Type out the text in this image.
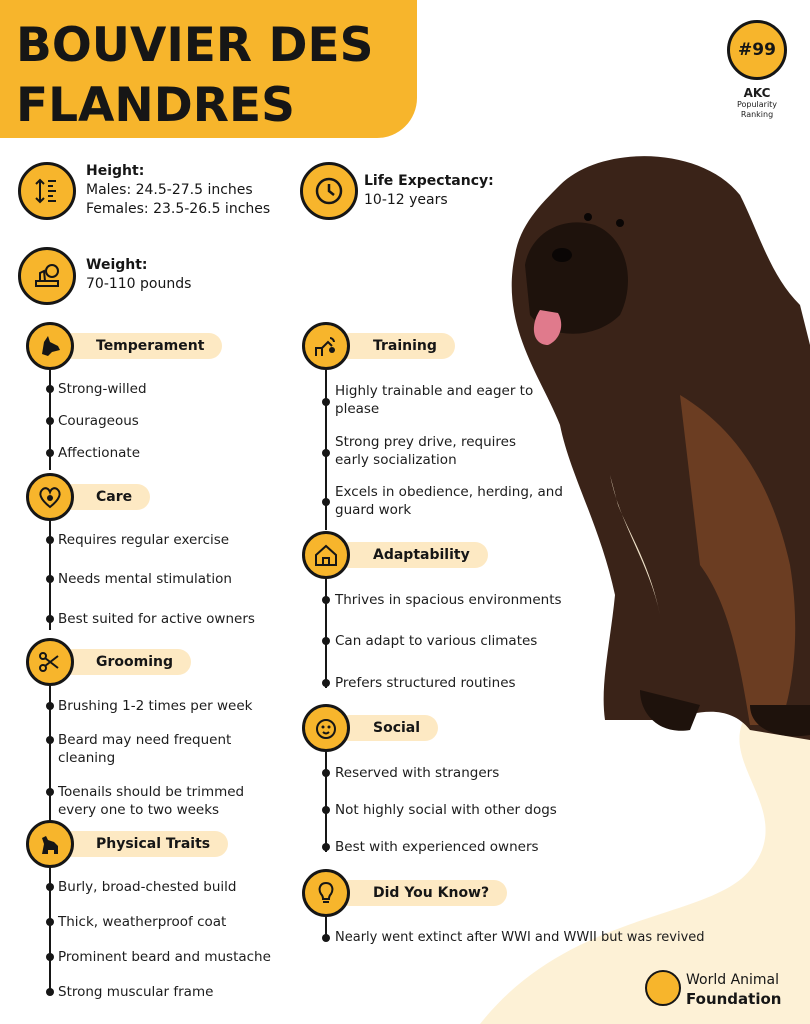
BOUVIER DES
FLANDRES
#99
AKC
Popularity
Ranking
Height:
Males: 24.5-27.5 inches
Females: 23.5-26.5 inches
Life Expectancy:
10-12 years
Weight:
70-110 pounds
Temperament
Strong-willed
Courageous
Affectionate
Care
Requires regular exercise
Needs mental stimulation
Best suited for active owners
Grooming
Brushing 1-2 times per week
Beard may need frequent cleaning
Toenails should be trimmed every one to two weeks
Physical Traits
Burly, broad-chested build
Thick, weatherproof coat
Prominent beard and mustache
Strong muscular frame
Training
Highly trainable and eager to please
Strong prey drive, requires early socialization
Excels in obedience, herding, and guard work
Adaptability
Thrives in spacious environments
Can adapt to various climates
Prefers structured routines
Social
Reserved with strangers
Not highly social with other dogs
Best with experienced owners
Did You Know?
Nearly went extinct after WWI and WWII but was revived
World Animal
Foundation
